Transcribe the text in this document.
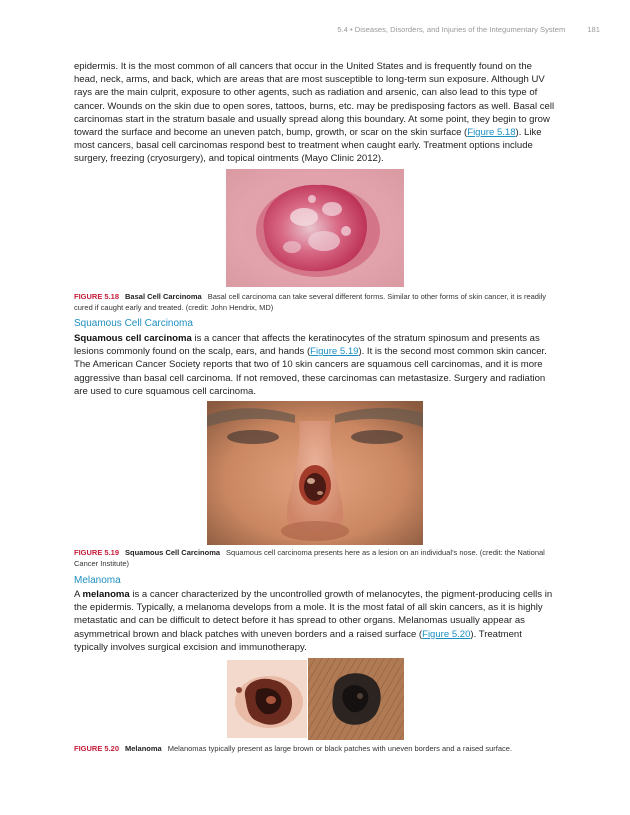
5.4 • Diseases, Disorders, and Injuries of the Integumentary System	181

epidermis. It is the most common of all cancers that occur in the United States and is frequently found on the head, neck, arms, and back, which are areas that are most susceptible to long-term sun exposure. Although UV rays are the main culprit, exposure to other agents, such as radiation and arsenic, can also lead to this type of cancer. Wounds on the skin due to open sores, tattoos, burns, etc. may be predisposing factors as well. Basal cell carcinomas start in the stratum basale and usually spread along this boundary. At some point, they begin to grow toward the surface and become an uneven patch, bump, growth, or scar on the skin surface (Figure 5.18). Like most cancers, basal cell carcinomas respond best to treatment when caught early. Treatment options include surgery, freezing (cryosurgery), and topical ointments (Mayo Clinic 2012).

FIGURE 5.18 Basal Cell Carcinoma Basal cell carcinoma can take several different forms. Similar to other forms of skin cancer, it is readily cured if caught early and treated. (credit: John Hendrix, MD)

Squamous Cell Carcinoma

Squamous cell carcinoma is a cancer that affects the keratinocytes of the stratum spinosum and presents as lesions commonly found on the scalp, ears, and hands (Figure 5.19). It is the second most common skin cancer. The American Cancer Society reports that two of 10 skin cancers are squamous cell carcinomas, and it is more aggressive than basal cell carcinoma. If not removed, these carcinomas can metastasize. Surgery and radiation are used to cure squamous cell carcinoma.

FIGURE 5.19 Squamous Cell Carcinoma Squamous cell carcinoma presents here as a lesion on an individual’s nose. (credit: the National Cancer Institute)

Melanoma

A melanoma is a cancer characterized by the uncontrolled growth of melanocytes, the pigment-producing cells in the epidermis. Typically, a melanoma develops from a mole. It is the most fatal of all skin cancers, as it is highly metastatic and can be difficult to detect before it has spread to other organs. Melanomas usually appear as asymmetrical brown and black patches with uneven borders and a raised surface (Figure 5.20). Treatment typically involves surgical excision and immunotherapy.

FIGURE 5.20 Melanoma Melanomas typically present as large brown or black patches with uneven borders and a raised surface.
